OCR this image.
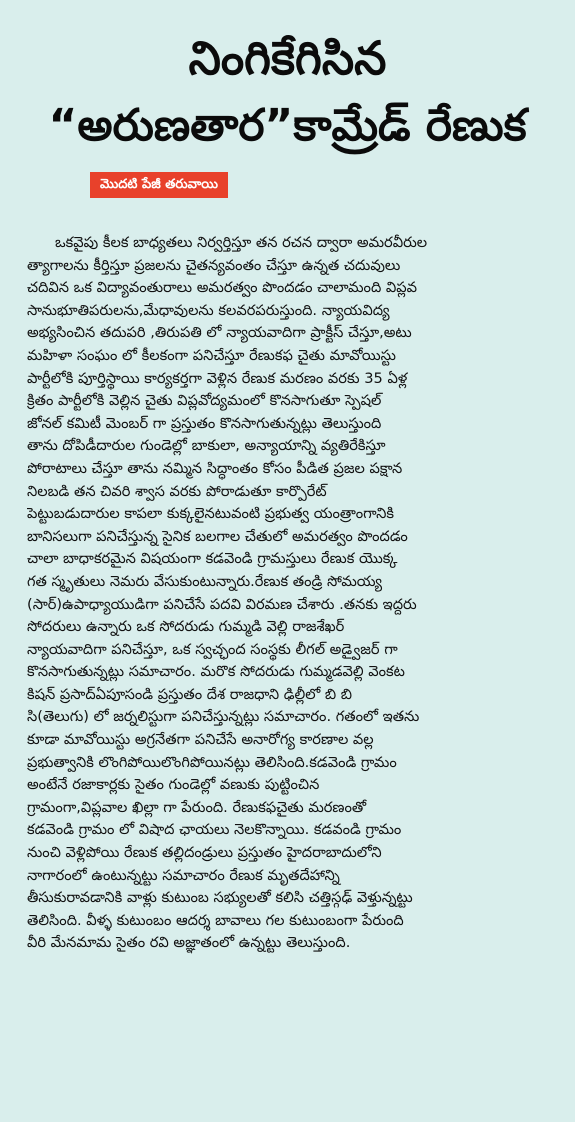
నింగికేగిసిన
“అరుణతార”కామ్రేడ్ రేణుక
మొదటి పేజీ తరువాయి
ఒకవైపు కీలక బాధ్యతలు నిర్వర్తిస్తూ తన రచన ద్వారా అమరవీరుల
త్యాగాలను కీర్తిస్తూ ప్రజలను చైతన్యవంతం చేస్తూ ఉన్నత చదువులు
చదివిన ఒక విద్యావంతురాలు అమరత్వం పొందడం చాలామంది విప్లవ
సానుభూతిపరులను,మేధావులను కలవరపరుస్తుంది. న్యాయవిద్య
అభ్యసించిన తదుపరి ,తిరుపతి లో న్యాయవాదిగా ప్రాక్టీస్ చేస్తూ,అటు
మహిళా సంఘం లో కీలకంగా పనిచేస్తూ రేణుకఫ చైతు మావోయిస్టు
పార్టీలోకి పూర్తిస్థాయి కార్యకర్తగా వెళ్లిన రేణుక మరణం వరకు 35 ఏళ్ల
క్రితం పార్టీలోకి వెల్లిన చైతు విప్లవోద్యమంలో కొనసాగుతూ స్పెషల్
జోనల్ కమిటీ మెంబర్ గా ప్రస్తుతం కొనసాగుతున్నట్లు తెలుస్తుంది
తాను దోపిడీదారుల గుండెల్లో బాకులా, అన్యాయాన్ని వ్యతిరేకిస్తూ
పోరాటాలు చేస్తూ తాను నమ్మిన సిద్ధాంతం కోసం పీడిత ప్రజల పక్షాన
నిలబడి తన చివరి శ్వాస వరకు పోరాడుతూ కార్పొరేట్
పెట్టుబడుదారుల కాపలా కుక్కలైనటువంటి ప్రభుత్వ యంత్రాంగానికి
బానిసలుగా పనిచేస్తున్న సైనిక బలగాల చేతులో అమరత్వం పొందడం
చాలా బాధాకరమైన విషయంగా కడవెండి గ్రామస్తులు రేణుక యొక్క
గత స్మృతులు నెమరు వేసుకుంటున్నారు.రేణుక తండ్రి సోమయ్య
(సార్)ఉపాధ్యాయుడిగా పనిచేసే పదవి విరమణ చేశారు .తనకు ఇద్దరు
సోదరులు ఉన్నారు ఒక సోదరుడు గుమ్మడి వెల్లి రాజశేఖర్
న్యాయవాదిగా పనిచేస్తూ, ఒక స్వచ్ఛంద సంస్థకు లీగల్ అడ్వైజర్ గా
కొనసాగుతున్నట్లు సమాచారం. మరొక సోదరుడు గుమ్మడవెల్లి వెంకట
కిషన్ ప్రసాద్ఏపూసండి ప్రస్తుతం దేశ రాజధాని ఢిల్లీలో బి బి
సి(తెలుగు) లో జర్నలిస్టుగా పనిచేస్తున్నట్లు సమాచారం. గతంలో ఇతను
కూడా మావోయిస్టు అగ్రనేతగా పనిచేసే అనారోగ్య కారణాల వల్ల
ప్రభుత్వానికి లొంగిపోయిలొంగిపోయినట్లు తెలిసింది.కడవెండి గ్రామం
అంటేనే రజాకార్లకు సైతం గుండెల్లో వణుకు పుట్టించిన
గ్రామంగా,విప్లవాల ఖిల్లా గా పేరుంది. రేణుకఫచైతు మరణంతో
కడవెండి గ్రామం లో విషాద ఛాయలు నెలకొన్నాయి. కడవండి గ్రామం
నుంచి వెళ్లిపోయి రేణుక తల్లిదండ్రులు ప్రస్తుతం హైదరాబాదులోని
నాగారంలో ఉంటున్నట్టు సమాచారం రేణుక మృతదేహాన్ని
తీసుకురావడానికి వాళ్లు కుటుంబ సభ్యులతో కలిసి చత్తిస్గఢ్ వెళ్తున్నట్టు
తెలిసింది. వీళ్ళ కుటుంబం ఆదర్శ బావాలు గల కుటుంబంగా పేరుంది
వీరి మేనమామ సైతం రవి అజ్ఞాతంలో ఉన్నట్టు తెలుస్తుంది.
